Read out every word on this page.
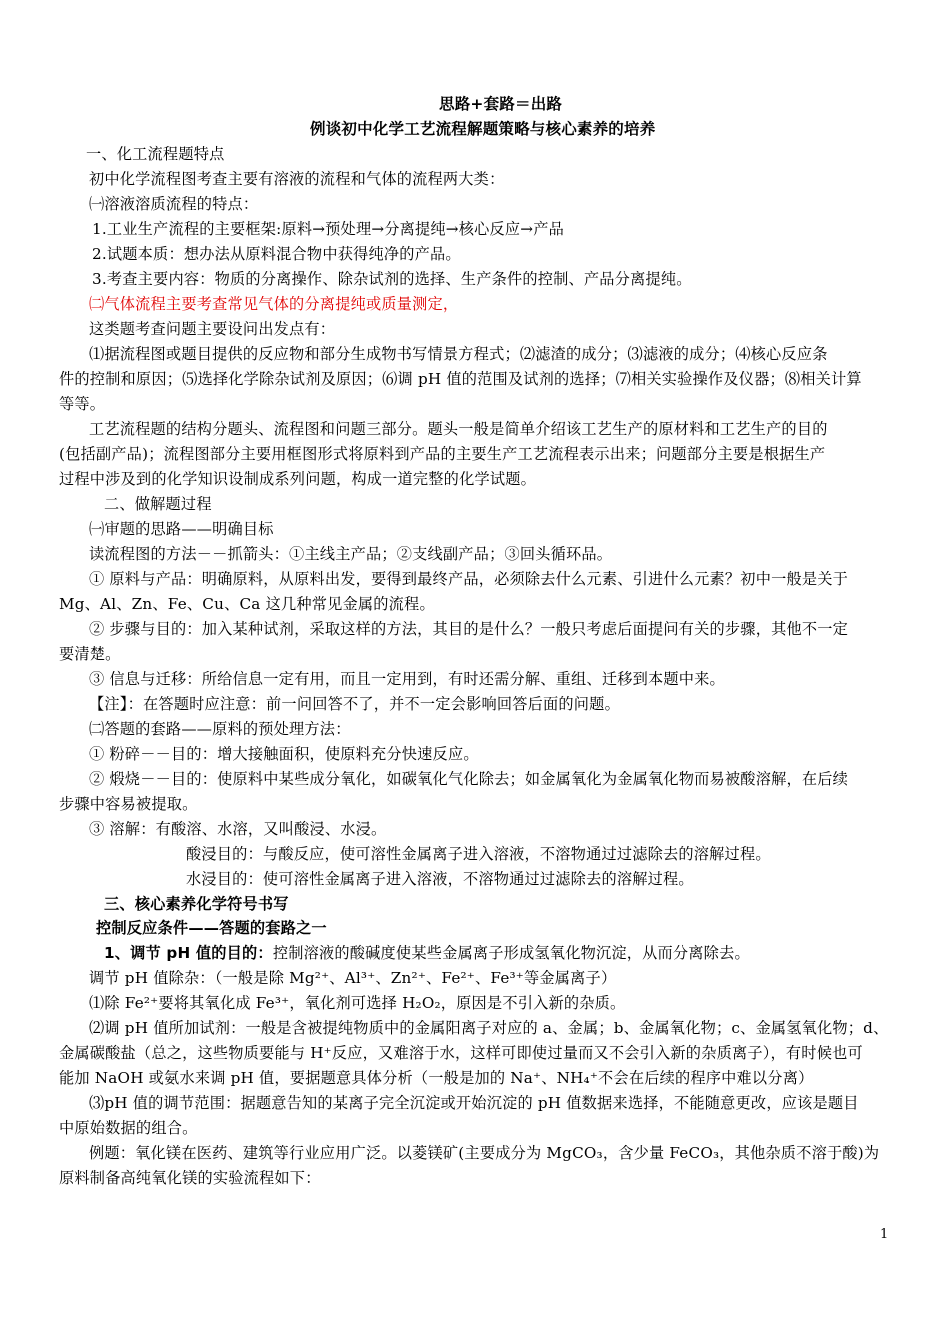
思路+套路＝出路
例谈初中化学工艺流程解题策略与核心素养的培养
一、化工流程题特点
初中化学流程图考查主要有溶液的流程和气体的流程两大类：
㈠溶液溶质流程的特点：
1.工业生产流程的主要框架:原料→预处理→分离提纯→核心反应→产品
2.试题本质：想办法从原料混合物中获得纯净的产品。
3.考查主要内容：物质的分离操作、除杂试剂的选择、生产条件的控制、产品分离提纯。
㈡气体流程主要考查常见气体的分离提纯或质量测定，
这类题考查问题主要设问出发点有：
⑴据流程图或题目提供的反应物和部分生成物书写情景方程式；⑵滤渣的成分；⑶滤液的成分；⑷核心反应条
件的控制和原因；⑸选择化学除杂试剂及原因；⑹调 pH 值的范围及试剂的选择；⑺相关实验操作及仪器；⑻相关计算
等等。
工艺流程题的结构分题头、流程图和问题三部分。题头一般是简单介绍该工艺生产的原材料和工艺生产的目的
(包括副产品)；流程图部分主要用框图形式将原料到产品的主要生产工艺流程表示出来；问题部分主要是根据生产
过程中涉及到的化学知识设制成系列问题，构成一道完整的化学试题。
二、做解题过程
㈠审题的思路——明确目标
读流程图的方法－－抓箭头：①主线主产品；②支线副产品；③回头循环品。
① 原料与产品：明确原料，从原料出发，要得到最终产品，必须除去什么元素、引进什么元素？初中一般是关于
Mg、Al、Zn、Fe、Cu、Ca 这几种常见金属的流程。
② 步骤与目的：加入某种试剂，采取这样的方法，其目的是什么？一般只考虑后面提问有关的步骤，其他不一定
要清楚。
③ 信息与迁移：所给信息一定有用，而且一定用到，有时还需分解、重组、迁移到本题中来。
【注】：在答题时应注意：前一问回答不了，并不一定会影响回答后面的问题。
㈡答题的套路——原料的预处理方法：
① 粉碎－－目的：增大接触面积，使原料充分快速反应。
② 煅烧－－目的：使原料中某些成分氧化，如碳氧化气化除去；如金属氧化为金属氧化物而易被酸溶解，在后续
步骤中容易被提取。
③ 溶解：有酸溶、水溶，又叫酸浸、水浸。
酸浸目的：与酸反应，使可溶性金属离子进入溶液，不溶物通过过滤除去的溶解过程。
水浸目的：使可溶性金属离子进入溶液，不溶物通过过滤除去的溶解过程。
三、核心素养化学符号书写
控制反应条件——答题的套路之一
1、调节 pH 值的目的：控制溶液的酸碱度使某些金属离子形成氢氧化物沉淀，从而分离除去。
调节 pH 值除杂：（一般是除 Mg²⁺、Al³⁺、Zn²⁺、Fe²⁺、Fe³⁺等金属离子）
⑴除 Fe²⁺要将其氧化成 Fe³⁺，氧化剂可选择 H₂O₂，原因是不引入新的杂质。
⑵调 pH 值所加试剂：一般是含被提纯物质中的金属阳离子对应的 a、金属；b、金属氧化物；c、金属氢氧化物；d、
金属碳酸盐（总之，这些物质要能与 H⁺反应，又难溶于水，这样可即使过量而又不会引入新的杂质离子），有时候也可
能加 NaOH 或氨水来调 pH 值，要据题意具体分析（一般是加的 Na⁺、NH₄⁺不会在后续的程序中难以分离）
⑶pH 值的调节范围：据题意告知的某离子完全沉淀或开始沉淀的 pH 值数据来选择，不能随意更改，应该是题目
中原始数据的组合。
例题：氧化镁在医药、建筑等行业应用广泛。以菱镁矿(主要成分为 MgCO₃，含少量 FeCO₃，其他杂质不溶于酸)为
原料制备高纯氧化镁的实验流程如下：
1
